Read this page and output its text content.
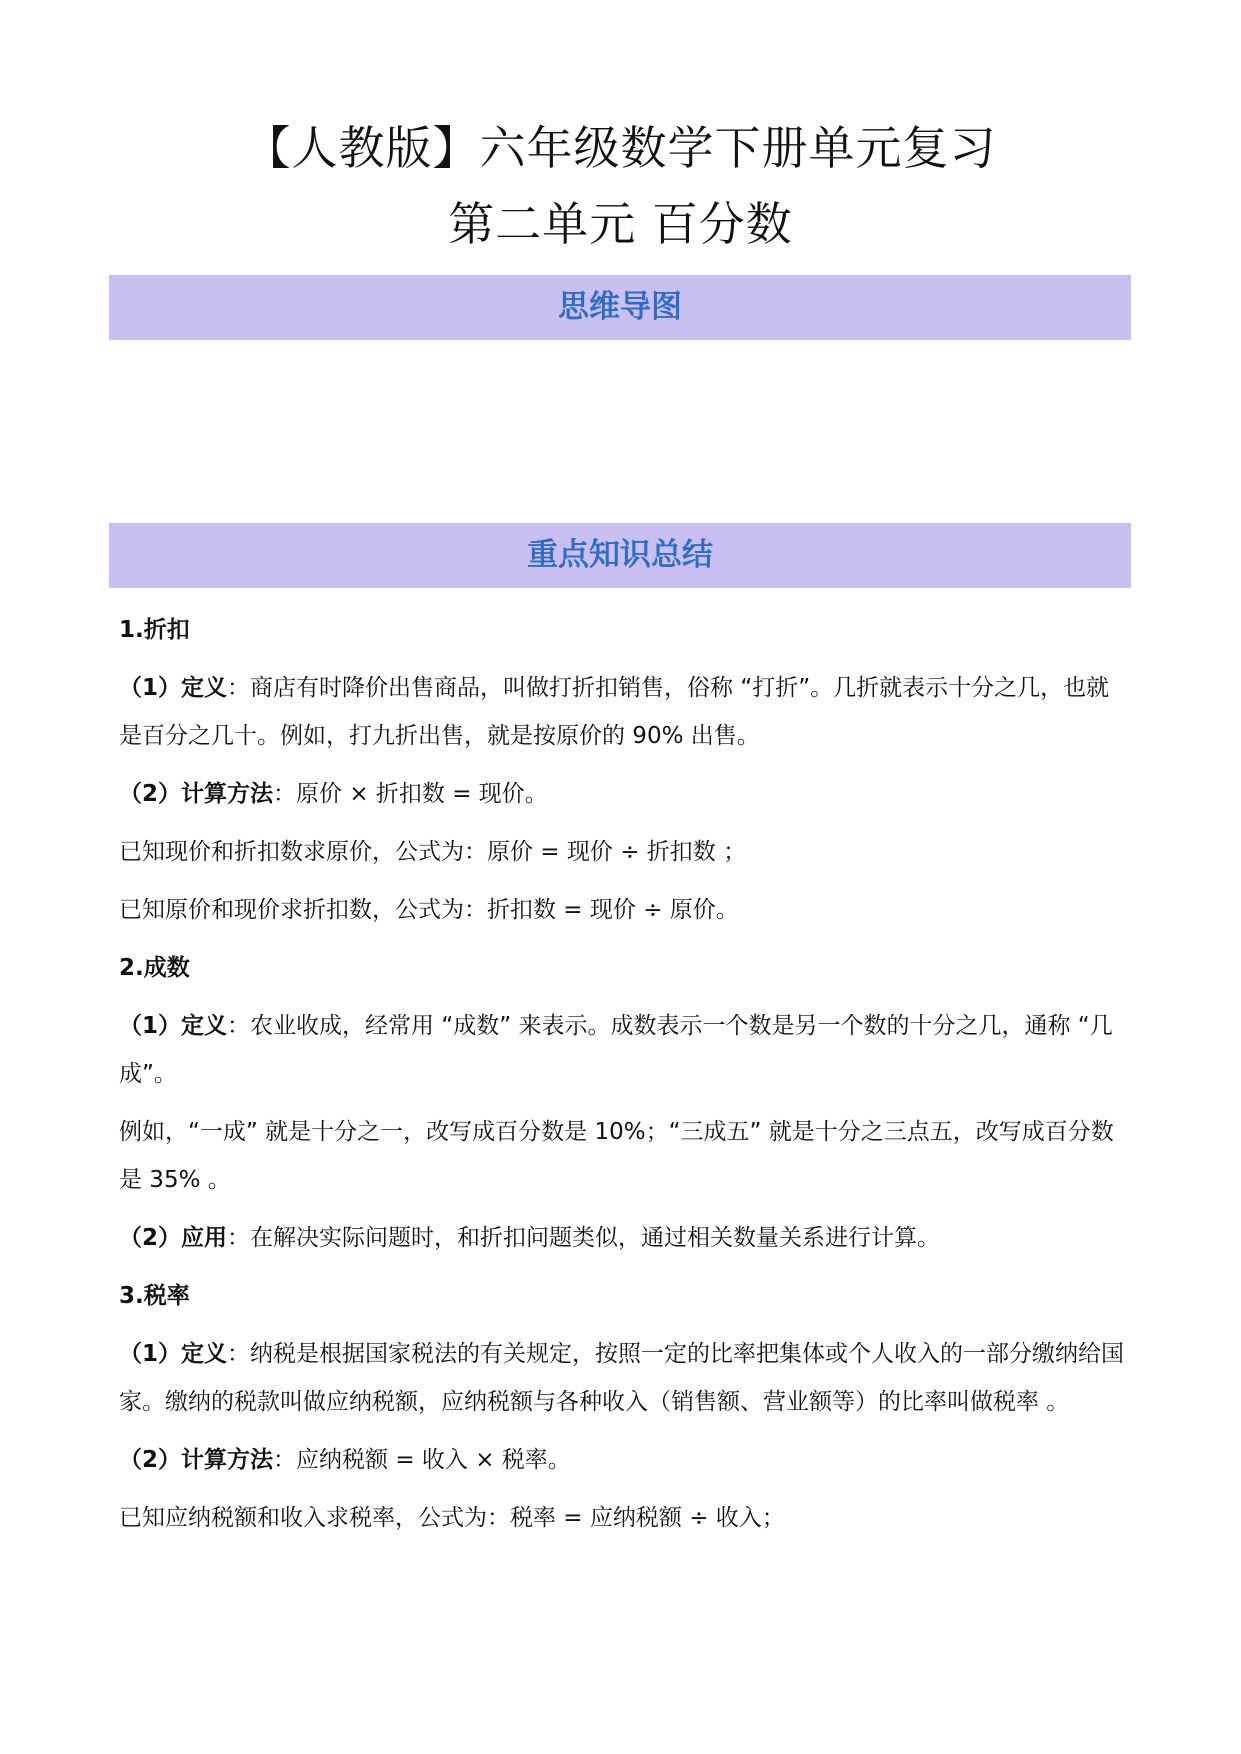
【人教版】六年级数学下册单元复习
第二单元 百分数
思维导图
重点知识总结

1.折扣

（1）定义：商店有时降价出售商品，叫做打折扣销售，俗称 “打折”。几折就表示十分之几，也就是百分之几十。例如，打九折出售，就是按原价的 90% 出售。

（2）计算方法：原价 × 折扣数 = 现价。

已知现价和折扣数求原价，公式为：原价 = 现价 ÷ 折扣数 ；

已知原价和现价求折扣数，公式为：折扣数 = 现价 ÷ 原价。

2.成数

（1）定义：农业收成，经常用 “成数” 来表示。成数表示一个数是另一个数的十分之几，通称 “几成”。

例如，“一成” 就是十分之一，改写成百分数是 10%；“三成五” 就是十分之三点五，改写成百分数是 35% 。

（2）应用：在解决实际问题时，和折扣问题类似，通过相关数量关系进行计算。

3.税率

（1）定义：纳税是根据国家税法的有关规定，按照一定的比率把集体或个人收入的一部分缴纳给国家。缴纳的税款叫做应纳税额，应纳税额与各种收入（销售额、营业额等）的比率叫做税率 。

（2）计算方法：应纳税额 = 收入 × 税率。

已知应纳税额和收入求税率，公式为：税率 = 应纳税额 ÷ 收入；
